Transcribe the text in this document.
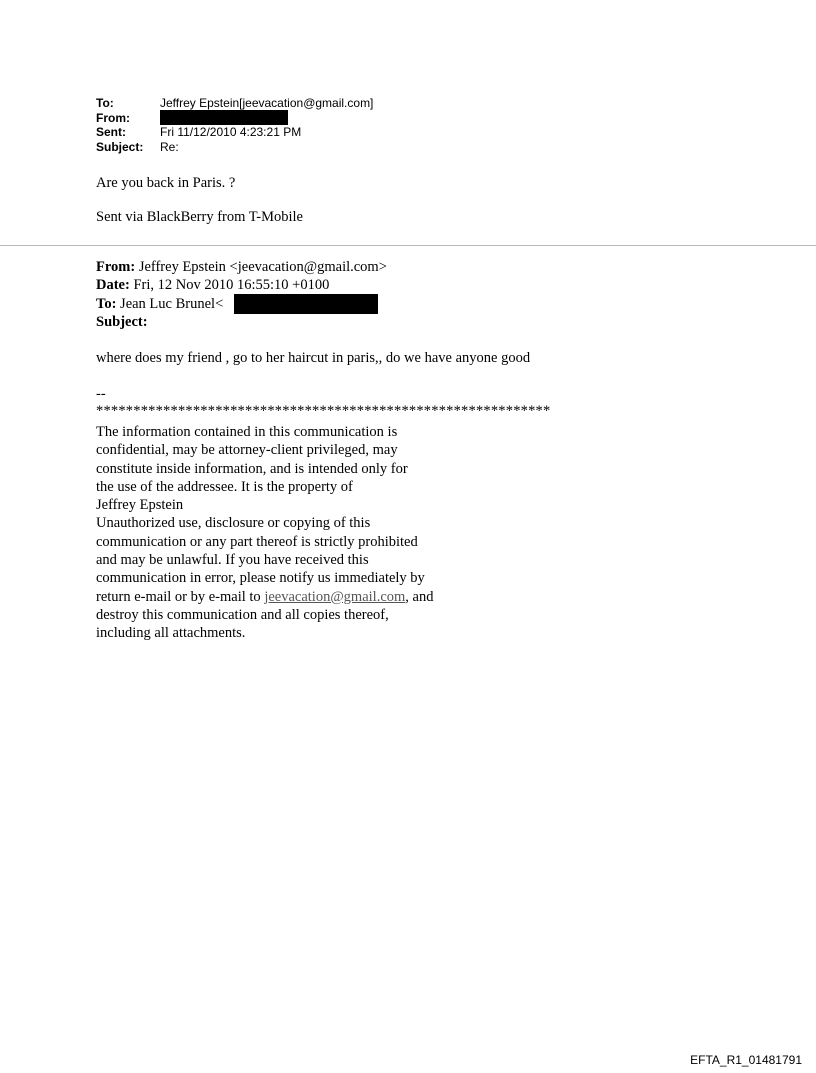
To:	Jeffrey Epstein[jeevacation@gmail.com]
From:
Sent:	Fri 11/12/2010 4:23:21 PM
Subject:	Re:
Are you back in Paris. ?
Sent via BlackBerry from T-Mobile
From: Jeffrey Epstein <jeevacation@gmail.com>
Date: Fri, 12 Nov 2010 16:55:10 +0100
To: Jean Luc Brunel<
Subject:
where does my friend , go to her haircut in paris,, do we have anyone good
--
*************************************************************
The information contained in this communication is
confidential, may be attorney-client privileged, may
constitute inside information, and is intended only for
the use of the addressee. It is the property of
Jeffrey Epstein
Unauthorized use, disclosure or copying of this
communication or any part thereof is strictly prohibited
and may be unlawful. If you have received this
communication in error, please notify us immediately by
return e-mail or by e-mail to jeevacation@gmail.com, and
destroy this communication and all copies thereof,
including all attachments.
EFTA_R1_01481791
